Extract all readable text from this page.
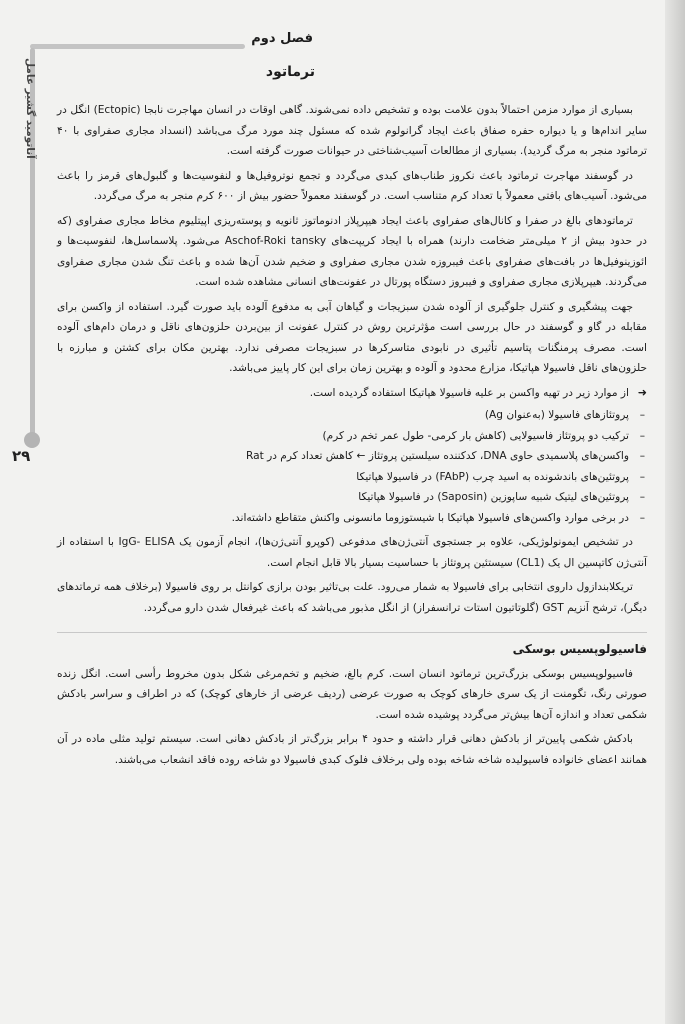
آناتومید گشیر عامل
۲۹
فصل دوم
ترماتود

بسیاری از موارد مزمن احتمالاً بدون علامت بوده و تشخیص داده نمی‌شوند. گاهی اوقات در انسان مهاجرت نابجا (Ectopic) انگل در سایر اندام‌ها و یا دیواره حفره صفاق باعث ایجاد گرانولوم شده که مسئول چند مورد مرگ می‌باشد (انسداد مجاری صفراوی با ۴۰ ترماتود منجر به مرگ گردید). بسیاری از مطالعات آسیب‌شناختی در حیوانات صورت گرفته است.

در گوسفند مهاجرت ترماتود باعث نکروز طناب‌های کبدی می‌گردد و تجمع نوتروفیل‌ها و لنفوسیت‌ها و گلبول‌های قرمز را باعث می‌شود. آسیب‌های بافتی معمولاً با تعداد کرم متناسب است. در گوسفند معمولاً حضور بیش از ۶۰۰ کرم منجر به مرگ می‌گردد.

ترماتودهای بالغ در صفرا و کانال‌های صفراوی باعث ایجاد هیپرپلاز ادنوماتوز ثانویه و پوسته‌ریزی اپیتلیوم مخاط مجاری صفراوی (که در حدود بیش از ۲ میلی‌متر ضخامت دارند) همراه با ایجاد کریپت‌های Aschof-Roki tansky می‌شود. پلاسماسل‌ها، لنفوسیت‌ها و ائوزینوفیل‌ها در بافت‌های صفراوی باعث فیبروزه شدن مجاری صفراوی و ضخیم شدن آن‌ها شده و باعث تنگ شدن مجاری صفراوی می‌گردند. هیپرپلازی مجاری صفراوی و فیبروز دستگاه پورتال در عفونت‌های انسانی مشاهده شده است.

جهت پیشگیری و کنترل جلوگیری از آلوده شدن سبزیجات و گیاهان آبی به مدفوع آلوده باید صورت گیرد. استفاده از واکسن برای مقابله در گاو و گوسفند در حال بررسی است مؤثرترین روش در کنترل عفونت از بین‌بردن حلزون‌های ناقل و درمان دام‌های آلوده است. مصرف پرمنگنات پتاسیم تأثیری در نابودی متاسرکرها در سبزیجات مصرفی ندارد. بهترین مکان برای کشتن و مبارزه با حلزون‌های ناقل فاسیولا هپاتیکا، مزارع محدود و آلوده و بهترین زمان برای این کار پاییز می‌باشد.

➜
از موارد زیر در تهیه واکسن بر علیه فاسیولا هپاتیکا استفاده گردیده است.
– پروتئازهای فاسیولا (به‌عنوان Ag)
– ترکیب دو پروتئاز فاسیولایی (کاهش بار کرمی- طول عمر تخم در کرم)
– واکسن‌های پلاسمیدی حاوی DNA، کدکننده سیلستین پروتئاز ← کاهش تعداد کرم در Rat
– پروتئین‌های باندشونده به اسید چرب (FAbP) در فاسیولا هپاتیکا
– پروتئین‌های لیتیک شبیه ساپوزین (Saposin) در فاسیولا هپاتیکا
– در برخی موارد واکسن‌های فاسیولا هپاتیکا با شیستوزوما مانسونی واکنش متقاطع داشته‌اند.

در تشخیص ایمونولوژیکی، علاوه بر جستجوی آنتی‌ژن‌های مدفوعی (کوپرو آنتی‌ژن‌ها)، انجام آزمون یک IgG- ELISA با استفاده از آنتی‌ژن کاتپسین ال یک (CL1) سیستئین پروتئاز با حساسیت بسیار بالا قابل انجام است.

تریکلابندازول داروی انتخابی برای فاسیولا به شمار می‌رود. علت بی‌تاثیر بودن برازی کوانتل بر روی فاسیولا (برخلاف همه ترماتدهای دیگر)، ترشح آنزیم GST (گلوتاتیون استات ترانسفراز) از انگل مذبور می‌باشد که باعث غیرفعال شدن دارو می‌گردد.

فاسیولوپسیس بوسکی

فاسیولوپسیس بوسکی بزرگ‌ترین ترماتود انسان است. کرم بالغ، ضخیم و تخم‌مرغی شکل بدون مخروط رأسی است. انگل زنده صورتی رنگ، تگومنت از یک سری خارهای کوچک به صورت عرضی (ردیف عرضی از خارهای کوچک) که در اطراف و سراسر بادکش شکمی تعداد و اندازه آن‌ها بیش‌تر می‌گردد پوشیده شده است.

بادکش شکمی پایین‌تر از بادکش دهانی قرار داشته و حدود ۴ برابر بزرگ‌تر از بادکش دهانی است. سیستم تولید مثلی ماده در آن همانند اعضای خانواده فاسیولیده شاخه شاخه بوده ولی برخلاف فلوک کبدی فاسیولا دو شاخه روده فاقد انشعاب می‌باشند.
